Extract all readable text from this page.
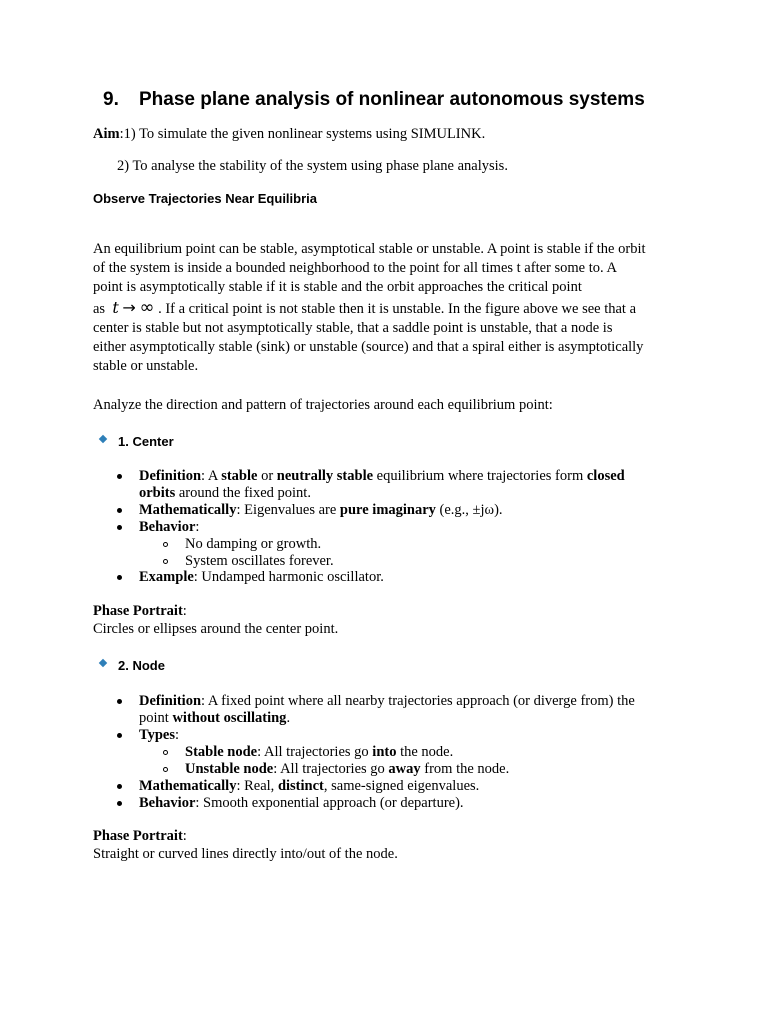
9. Phase plane analysis of nonlinear autonomous systems
Aim:1) To simulate the given nonlinear systems using SIMULINK.
2) To analyse the stability of the system using phase plane analysis.
Observe Trajectories Near Equilibria
An equilibrium point can be stable, asymptotical stable or unstable. A point is stable if the orbit
of the system is inside a bounded neighborhood to the point for all times t after some to. A
point is asymptotically stable if it is stable and the orbit approaches the critical point
as t → ∞ . If a critical point is not stable then it is unstable. In the figure above we see that a
center is stable but not asymptotically stable, that a saddle point is unstable, that a node is
either asymptotically stable (sink) or unstable (source) and that a spiral either is asymptotically
stable or unstable.
Analyze the direction and pattern of trajectories around each equilibrium point:
1. Center
Definition: A stable or neutrally stable equilibrium where trajectories form closed
orbits around the fixed point.
Mathematically: Eigenvalues are pure imaginary (e.g., ±jω).
Behavior:
No damping or growth.
System oscillates forever.
Example: Undamped harmonic oscillator.
Phase Portrait:
Circles or ellipses around the center point.
2. Node
Definition: A fixed point where all nearby trajectories approach (or diverge from) the
point without oscillating.
Types:
Stable node: All trajectories go into the node.
Unstable node: All trajectories go away from the node.
Mathematically: Real, distinct, same-signed eigenvalues.
Behavior: Smooth exponential approach (or departure).
Phase Portrait:
Straight or curved lines directly into/out of the node.
